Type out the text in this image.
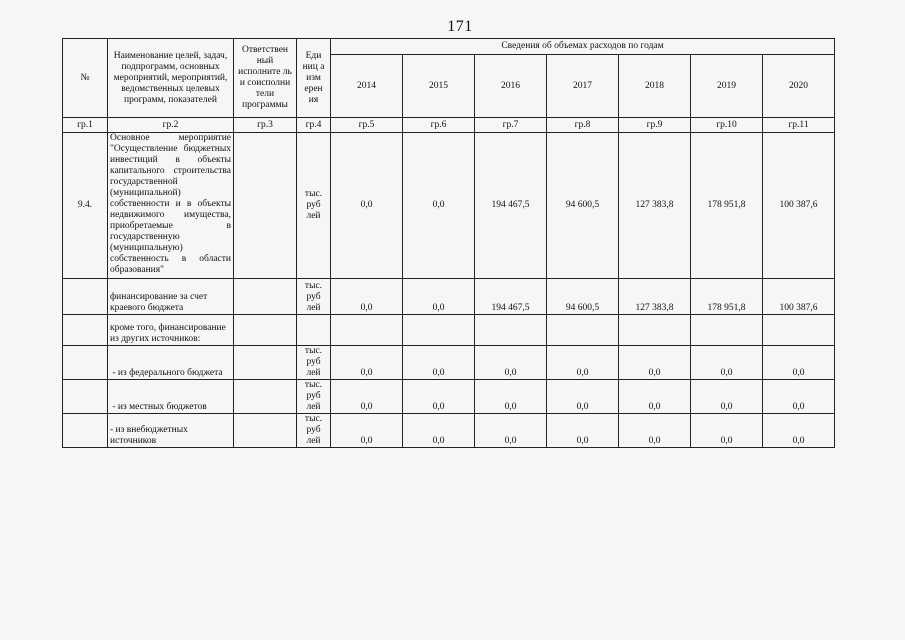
171
№	Наименование целей, задач, подпрограмм, основных мероприятий, мероприятий, ведомственных целевых программ, показателей	Ответствен ный исполните ль и соисполни тели программы	Еди ниц а изм ерен ия	Сведения об объемах расходов по годам						
				2014	2015	2016	2017	2018	2019	2020
гр.1	гр.2	гр.3	гр.4	гр.5	гр.6	гр.7	гр.8	гр.9	гр.10	гр.11
9.4.	Основное мероприятие "Осуществление бюджетных инвестиций в объекты капитального строительства государственной (муниципальной) собственности и в объекты недвижимого имущества, приобретаемые в государственную (муниципальную) собственность в области образования"		тыс. руб лей	0,0	0,0	194 467,5	94 600,5	127 383,8	178 951,8	100 387,6
	финансирование за счет краевого бюджета		тыс. руб лей	0,0	0,0	194 467,5	94 600,5	127 383,8	178 951,8	100 387,6
	кроме того, финансирование из других источников:									
	- из федерального бюджета		тыс. руб лей	0,0	0,0	0,0	0,0	0,0	0,0	0,0
	- из местных бюджетов		тыс. руб лей	0,0	0,0	0,0	0,0	0,0	0,0	0,0
	- из внебюджетных источников		тыс. руб лей	0,0	0,0	0,0	0,0	0,0	0,0	0,0
